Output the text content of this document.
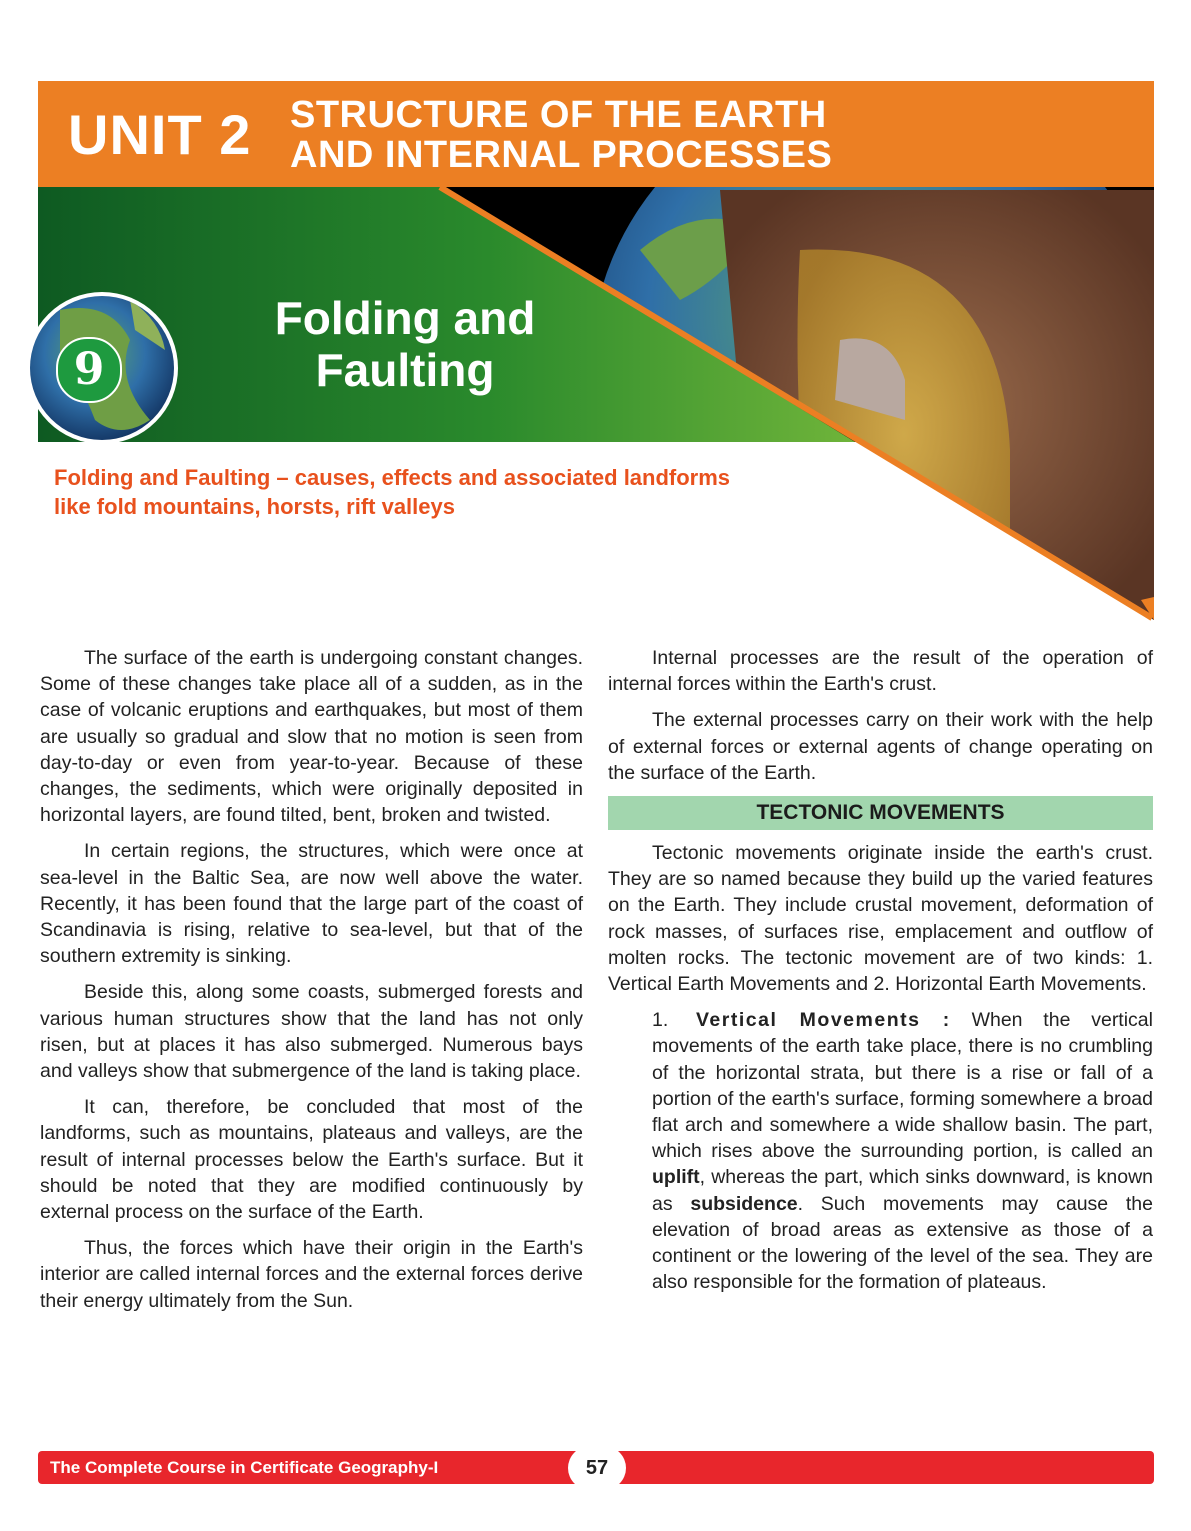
UNIT 2 STRUCTURE OF THE EARTH
AND INTERNAL PROCESSES
9
Folding and
Faulting
Folding and Faulting – causes, effects and associated landforms
like fold mountains, horsts, rift valleys

The surface of the earth is undergoing constant changes. Some of these changes take place all of a sudden, as in the case of volcanic eruptions and earthquakes, but most of them are usually so gradual and slow that no motion is seen from day-to-day or even from year-to-year. Because of these changes, the sediments, which were originally deposited in horizontal layers, are found tilted, bent, broken and twisted.

In certain regions, the structures, which were once at sea-level in the Baltic Sea, are now well above the water. Recently, it has been found that the large part of the coast of Scandinavia is rising, relative to sea-level, but that of the southern extremity is sinking.

Beside this, along some coasts, submerged forests and various human structures show that the land has not only risen, but at places it has also submerged. Numerous bays and valleys show that submergence of the land is taking place.

It can, therefore, be concluded that most of the landforms, such as mountains, plateaus and valleys, are the result of internal processes below the Earth's surface. But it should be noted that they are modified continuously by external process on the surface of the Earth.

Thus, the forces which have their origin in the Earth's interior are called internal forces and the external forces derive their energy ultimately from the Sun.

Internal processes are the result of the operation of internal forces within the Earth's crust.

The external processes carry on their work with the help of external forces or external agents of change operating on the surface of the Earth.

TECTONIC MOVEMENTS

Tectonic movements originate inside the earth's crust. They are so named because they build up the varied features on the Earth. They include crustal movement, deformation of rock masses, of surfaces rise, emplacement and outflow of molten rocks. The tectonic movement are of two kinds: 1. Vertical Earth Movements and 2. Horizontal Earth Movements.

1. Vertical Movements : When the vertical movements of the earth take place, there is no crumbling of the horizontal strata, but there is a rise or fall of a portion of the earth's surface, forming somewhere a broad flat arch and somewhere a wide shallow basin. The part, which rises above the surrounding portion, is called an uplift, whereas the part, which sinks downward, is known as subsidence. Such movements may cause the elevation of broad areas as extensive as those of a continent or the lowering of the level of the sea. They are also responsible for the formation of plateaus.

The Complete Course in Certificate Geography-I	57
